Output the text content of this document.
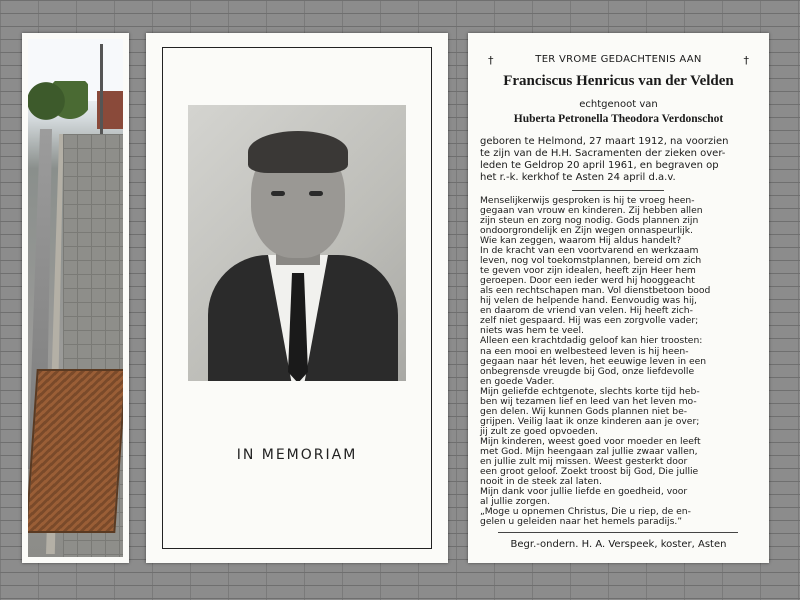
IN MEMORIAM
†	TER VROME GEDACHTENIS AAN	†
Franciscus Henricus van der Velden
echtgenoot van
Huberta Petronella Theodora Verdonschot
geboren te Helmond, 27 maart 1912, na voorzien
te zijn van de H.H. Sacramenten der zieken over-
leden te Geldrop 20 april 1961, en begraven op
het r.-k. kerkhof te Asten 24 april d.a.v.
Menselijkerwijs gesproken is hij te vroeg heen-
gegaan van vrouw en kinderen. Zij hebben allen
zijn steun en zorg nog nodig. Gods plannen zijn
ondoorgrondelijk en Zijn wegen onnaspeurlijk.
Wie kan zeggen, waarom Hij aldus handelt?
In de kracht van een voortvarend en werkzaam
leven, nog vol toekomstplannen, bereid om zich
te geven voor zijn idealen, heeft zijn Heer hem
geroepen. Door een ieder werd hij hooggeacht
als een rechtschapen man. Vol dienstbetoon bood
hij velen de helpende hand. Eenvoudig was hij,
en daarom de vriend van velen. Hij heeft zich-
zelf niet gespaard. Hij was een zorgvolle vader;
niets was hem te veel.
Alleen een krachtdadig geloof kan hier troosten:
na een mooi en welbesteed leven is hij heen-
gegaan naar hét leven, het eeuwige leven in een
onbegrensde vreugde bij God, onze liefdevolle
en goede Vader.
Mijn geliefde echtgenote, slechts korte tijd heb-
ben wij tezamen lief en leed van het leven mo-
gen delen. Wij kunnen Gods plannen niet be-
grijpen. Veilig laat ik onze kinderen aan je over;
jij zult ze goed opvoeden.
Mijn kinderen, weest goed voor moeder en leeft
met God. Mijn heengaan zal jullie zwaar vallen,
en jullie zult mij missen. Weest gesterkt door
een groot geloof. Zoekt troost bij God, Die jullie
nooit in de steek zal laten.
Mijn dank voor jullie liefde en goedheid, voor
al jullie zorgen.
„Moge u opnemen Christus, Die u riep, de en-
gelen u geleiden naar het hemels paradijs.”
Begr.-ondern. H. A. Verspeek, koster, Asten
